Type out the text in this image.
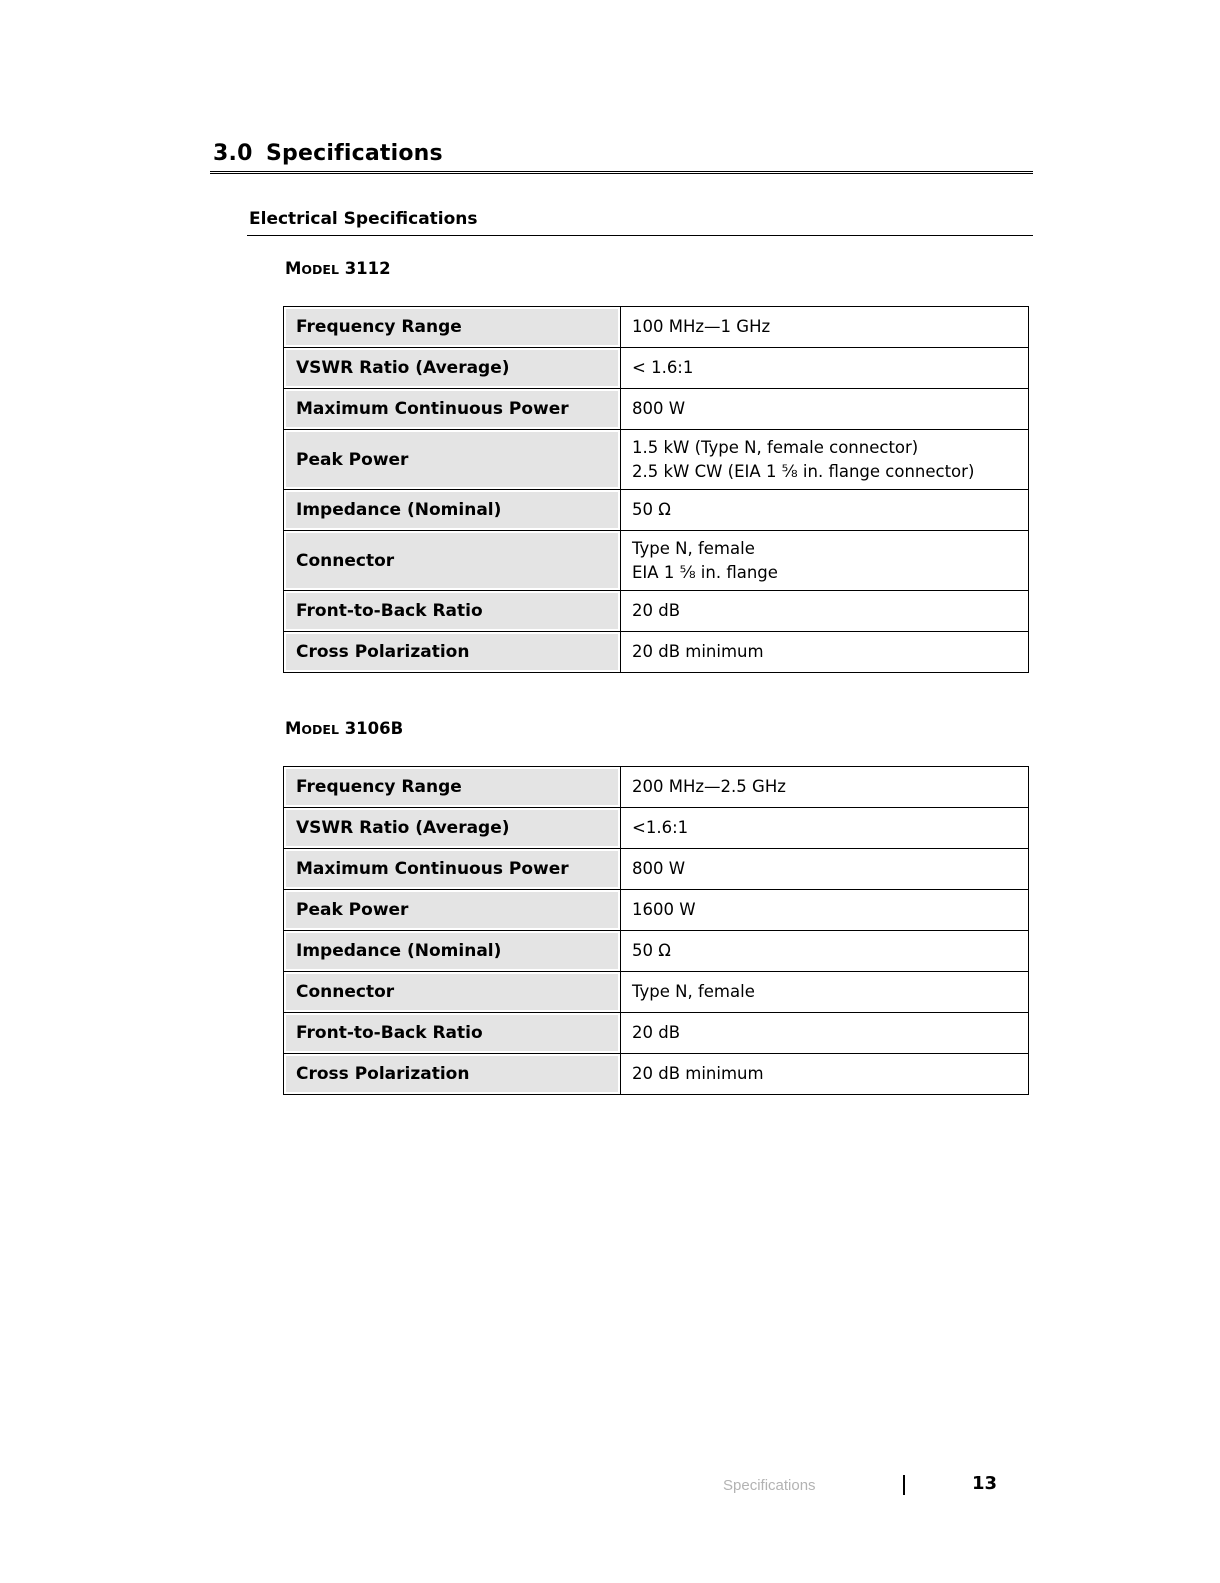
3.0 Specifications
Electrical Specifications

MODEL 3112

Frequency Range	100 MHz—1 GHz

VSWR Ratio (Average)	< 1.6:1

Maximum Continuous Power	800 W

Peak Power	1.5 kW (Type N, female connector)
2.5 kW CW (EIA 1 ⅝ in. flange connector)

Impedance (Nominal)	50 Ω

Connector	Type N, female
EIA 1 ⅝ in. flange

Front-to-Back Ratio	20 dB

Cross Polarization	20 dB minimum

MODEL 3106B

Frequency Range	200 MHz—2.5 GHz

VSWR Ratio (Average)	<1.6:1

Maximum Continuous Power	800 W

Peak Power	1600 W

Impedance (Nominal)	50 Ω

Connector	Type N, female

Front-to-Back Ratio	20 dB

Cross Polarization	20 dB minimum
Specifications	13
